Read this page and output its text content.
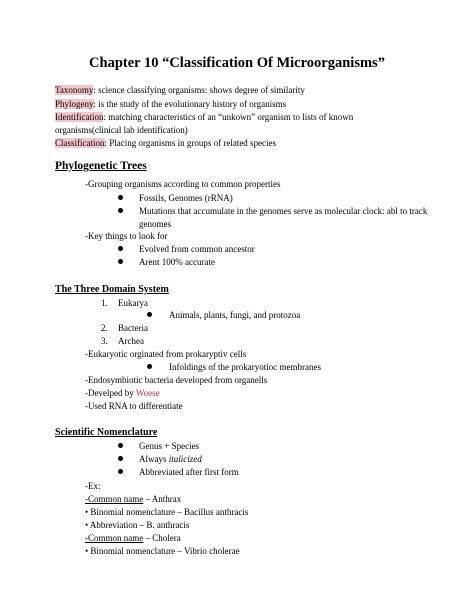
Chapter 10 “Classification Of Microorganisms”
Taxonomy: science classifying organisms: shows degree of similarity
Phylogeny: is the study of the evolutionary history of organisms
Identification: matching characteristics of an “unkown” organism to lists of known
organisms(clinical lab identification)
Classification: Placing organisms in groups of related species
Phylogenetic Trees
-Grouping organisms according to common properties
Fossils, Genomes (rRNA)
Mutations that accumulate in the genomes serve as molecular clock: abl to track
genomes
-Key things to look for
Evolved from common ancestor
Arent 100% accurate
The Three Domain System
1. Eukarya
Animals, plants, fungi, and protozoa
2. Bacteria
3. Archea
-Eukaryotic orginated from prokaryptiv cells
Infoldings of the prokaryotioc membranes
-Endosymbiotic bacteria developed from organells
-Develped by Woese
-Used RNA to differentiate
Scientific Nomenclature
Genus + Species
Always italicized
Abbreviated after first form
-Ex:
-Common name – Anthrax
• Binomial nomenclature – Bacillus anthracis
• Abbreviation – B. anthracis
-Common name – Cholera
• Binomial nomenclature – Vibrio cholerae
